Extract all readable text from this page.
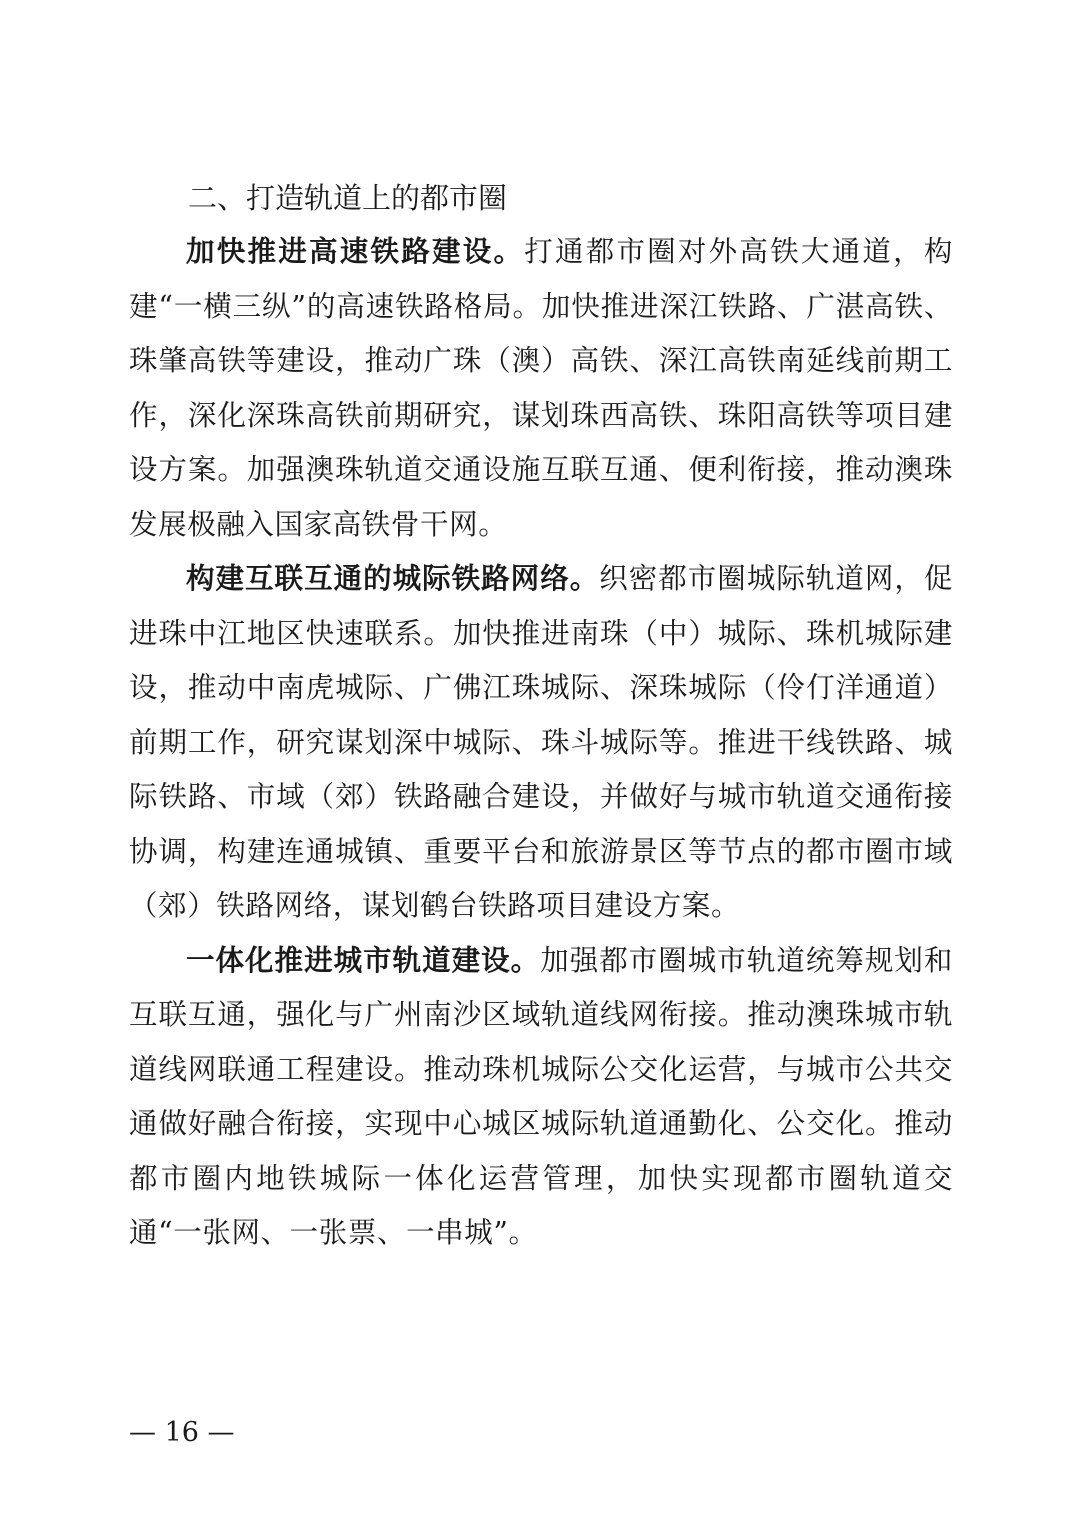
二、打造轨道上的都市圈

加快推进高速铁路建设。打通都市圈对外高铁大通道，构建“一横三纵”的高速铁路格局。加快推进深江铁路、广湛高铁、珠肇高铁等建设，推动广珠（澳）高铁、深江高铁南延线前期工作，深化深珠高铁前期研究，谋划珠西高铁、珠阳高铁等项目建设方案。加强澳珠轨道交通设施互联互通、便利衔接，推动澳珠发展极融入国家高铁骨干网。

构建互联互通的城际铁路网络。织密都市圈城际轨道网，促进珠中江地区快速联系。加快推进南珠（中）城际、珠机城际建设，推动中南虎城际、广佛江珠城际、深珠城际（伶仃洋通道）前期工作，研究谋划深中城际、珠斗城际等。推进干线铁路、城际铁路、市域（郊）铁路融合建设，并做好与城市轨道交通衔接协调，构建连通城镇、重要平台和旅游景区等节点的都市圈市域（郊）铁路网络，谋划鹤台铁路项目建设方案。

一体化推进城市轨道建设。加强都市圈城市轨道统筹规划和互联互通，强化与广州南沙区域轨道线网衔接。推动澳珠城市轨道线网联通工程建设。推动珠机城际公交化运营，与城市公共交通做好融合衔接，实现中心城区城际轨道通勤化、公交化。推动都市圈内地铁城际一体化运营管理，加快实现都市圈轨道交通“一张网、一张票、一串城”。

— 16 —
